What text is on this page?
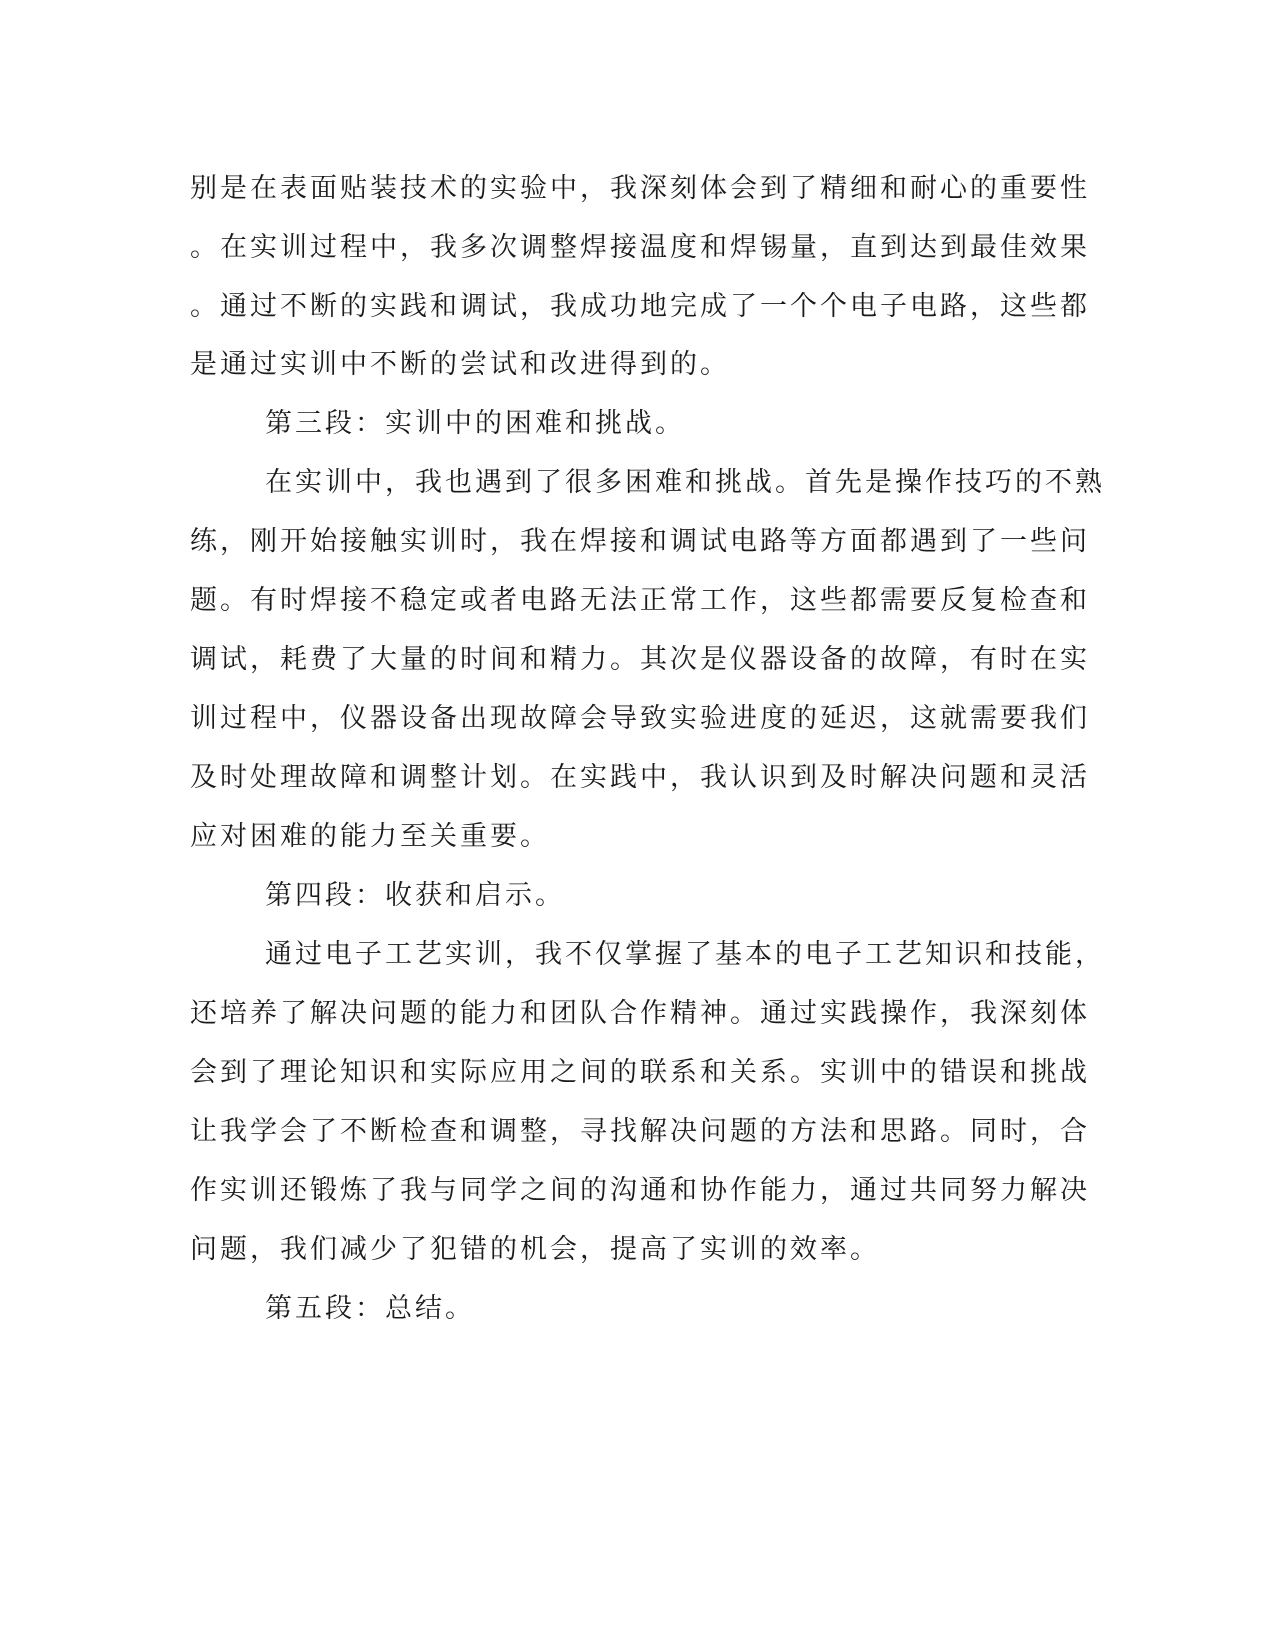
别是在表面贴装技术的实验中，我深刻体会到了精细和耐心的重要性
。在实训过程中，我多次调整焊接温度和焊锡量，直到达到最佳效果
。通过不断的实践和调试，我成功地完成了一个个电子电路，这些都
是通过实训中不断的尝试和改进得到的。
第三段：实训中的困难和挑战。
在实训中，我也遇到了很多困难和挑战。首先是操作技巧的不熟
练，刚开始接触实训时，我在焊接和调试电路等方面都遇到了一些问
题。有时焊接不稳定或者电路无法正常工作，这些都需要反复检查和
调试，耗费了大量的时间和精力。其次是仪器设备的故障，有时在实
训过程中，仪器设备出现故障会导致实验进度的延迟，这就需要我们
及时处理故障和调整计划。在实践中，我认识到及时解决问题和灵活
应对困难的能力至关重要。
第四段：收获和启示。
通过电子工艺实训，我不仅掌握了基本的电子工艺知识和技能，
还培养了解决问题的能力和团队合作精神。通过实践操作，我深刻体
会到了理论知识和实际应用之间的联系和关系。实训中的错误和挑战
让我学会了不断检查和调整，寻找解决问题的方法和思路。同时，合
作实训还锻炼了我与同学之间的沟通和协作能力，通过共同努力解决
问题，我们减少了犯错的机会，提高了实训的效率。
第五段：总结。
